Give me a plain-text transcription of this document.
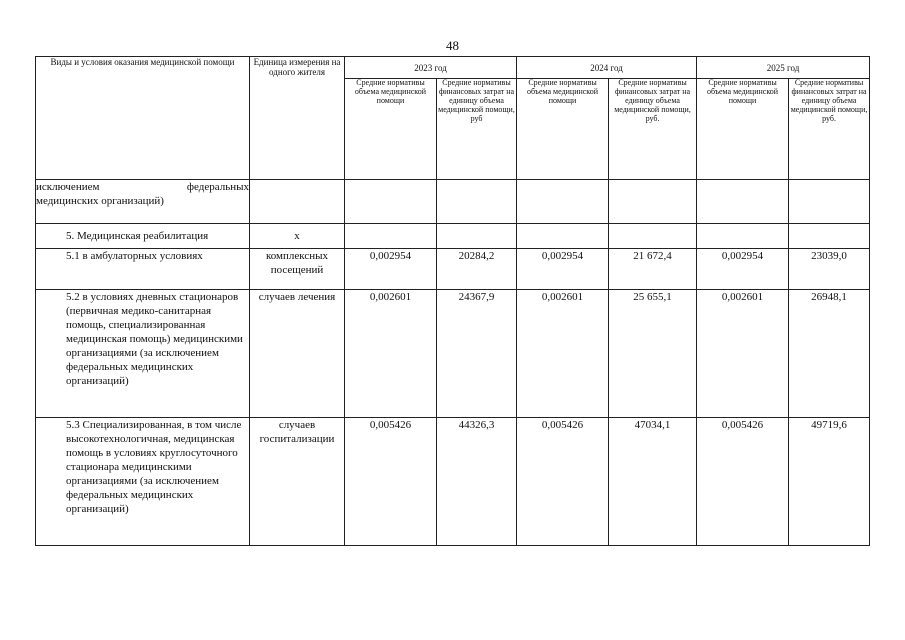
48
Виды и условия оказания медицинской помощи	Единица измерения на одного жителя	2023 год		2024 год		2025 год	
		Средние нормативы объема медицинской помощи	Средние нормативы финансовых затрат на единицу объема медицинской помощи, руб	Средние нормативы объема медицинской помощи	Средние нормативы финансовых затрат на единицу объема медицинской помощи, руб.	Средние нормативы объема медицинской помощи	Средние нормативы финансовых затрат на единицу объема медицинской помощи, руб.

исключением федеральных
медицинских организаций)							

5. Медицинская реабилитация	х						
5.1 в амбулаторных условиях	комплексных посещений	0,002954	20284,2	0,002954	21 672,4	0,002954	23039,0
5.2 в условиях дневных стационаров (первичная медико-санитарная помощь, специализированная медицинская помощь) медицинскими организациями (за исключением федеральных медицинских организаций)	случаев лечения	0,002601	24367,9	0,002601	25 655,1	0,002601	26948,1
5.3 Специализированная, в том числе высокотехнологичная, медицинская помощь в условиях круглосуточного стационара медицинскими организациями (за исключением федеральных медицинских организаций)	случаев госпитализации	0,005426	44326,3	0,005426	47034,1	0,005426	49719,6
